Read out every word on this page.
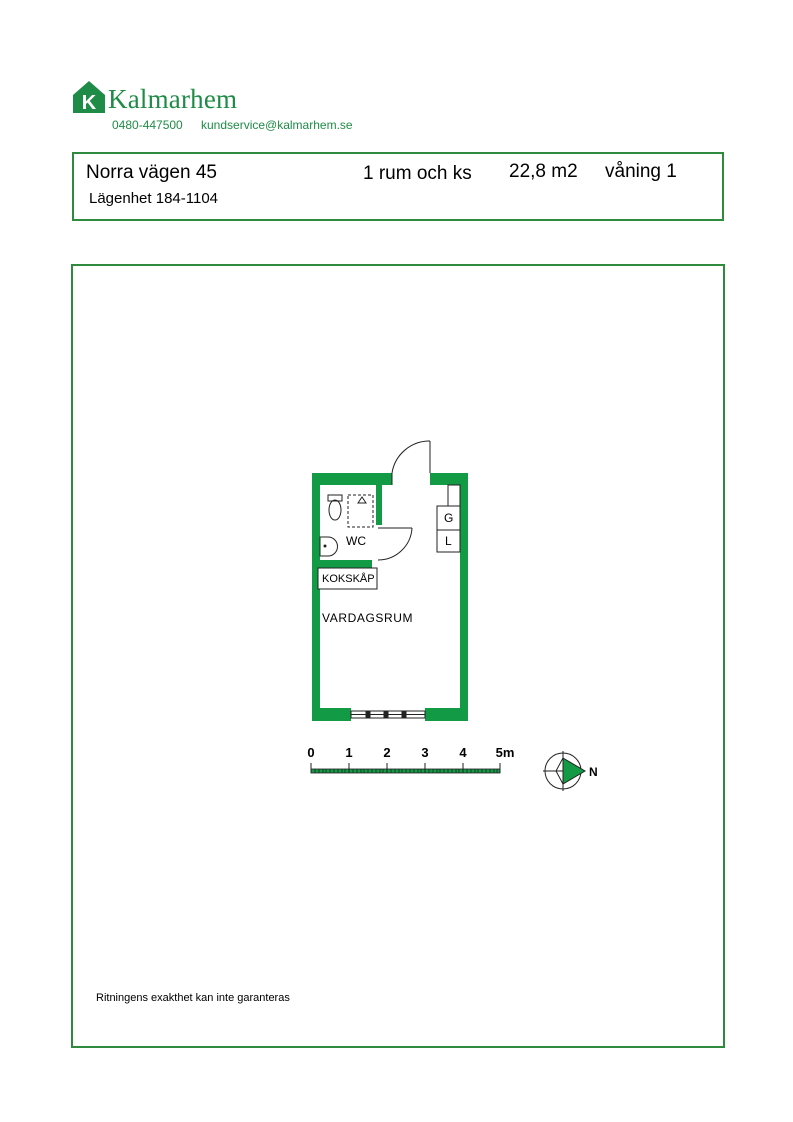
K Kalmarhem
0480-447500 kundservice@kalmarhem.se
Norra vägen 45
Lägenhet 184-1104
1 rum och ks 22,8 m2 våning 1
WC
G
L
KOKSKÅP
VARDAGSRUM
0 1 2 3 4 5m
N
Ritningens exakthet kan inte garanteras
